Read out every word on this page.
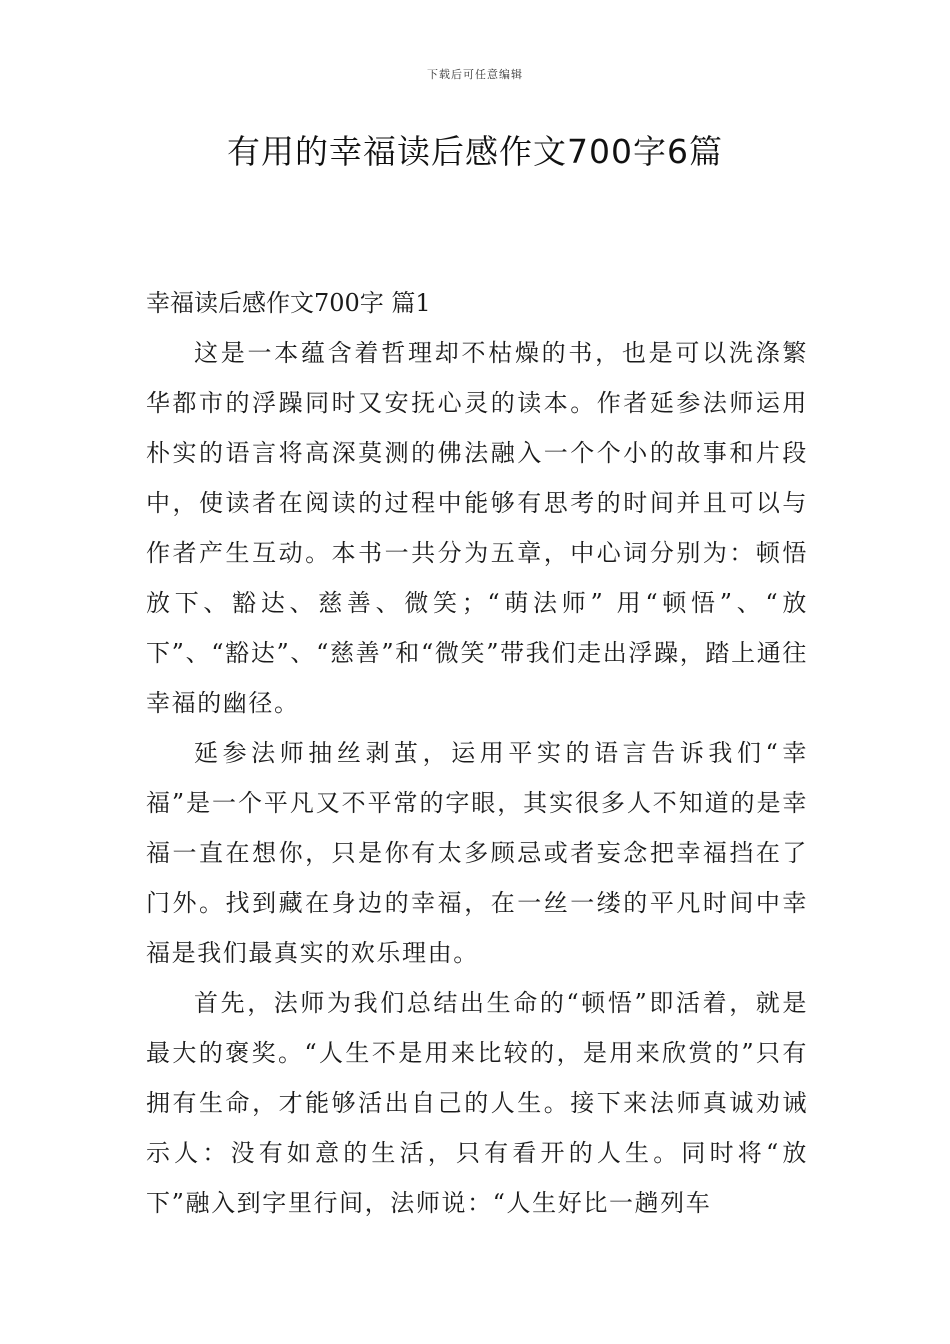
下载后可任意编辑
有用的幸福读后感作文700字6篇

幸福读后感作文700字 篇1

这是一本蕴含着哲理却不枯燥的书，也是可以洗涤繁华都市的浮躁同时又安抚心灵的读本。作者延参法师运用朴实的语言将高深莫测的佛法融入一个个小的故事和片段中，使读者在阅读的过程中能够有思考的时间并且可以与作者产生互动。本书一共分为五章，中心词分别为：顿悟放下、豁达、慈善、微笑；“萌法师” 用“顿悟”、“放下”、“豁达”、“慈善”和“微笑”带我们走出浮躁，踏上通往幸福的幽径。

延参法师抽丝剥茧，运用平实的语言告诉我们“幸福”是一个平凡又不平常的字眼，其实很多人不知道的是幸福一直在想你，只是你有太多顾忌或者妄念把幸福挡在了门外。找到藏在身边的幸福，在一丝一缕的平凡时间中幸福是我们最真实的欢乐理由。

首先，法师为我们总结出生命的“顿悟”即活着，就是最大的褒奖。“人生不是用来比较的，是用来欣赏的”只有拥有生命，才能够活出自己的人生。接下来法师真诚劝诫示人：没有如意的生活，只有看开的人生。同时将“放下”融入到字里行间，法师说：“人生好比一趟列车
